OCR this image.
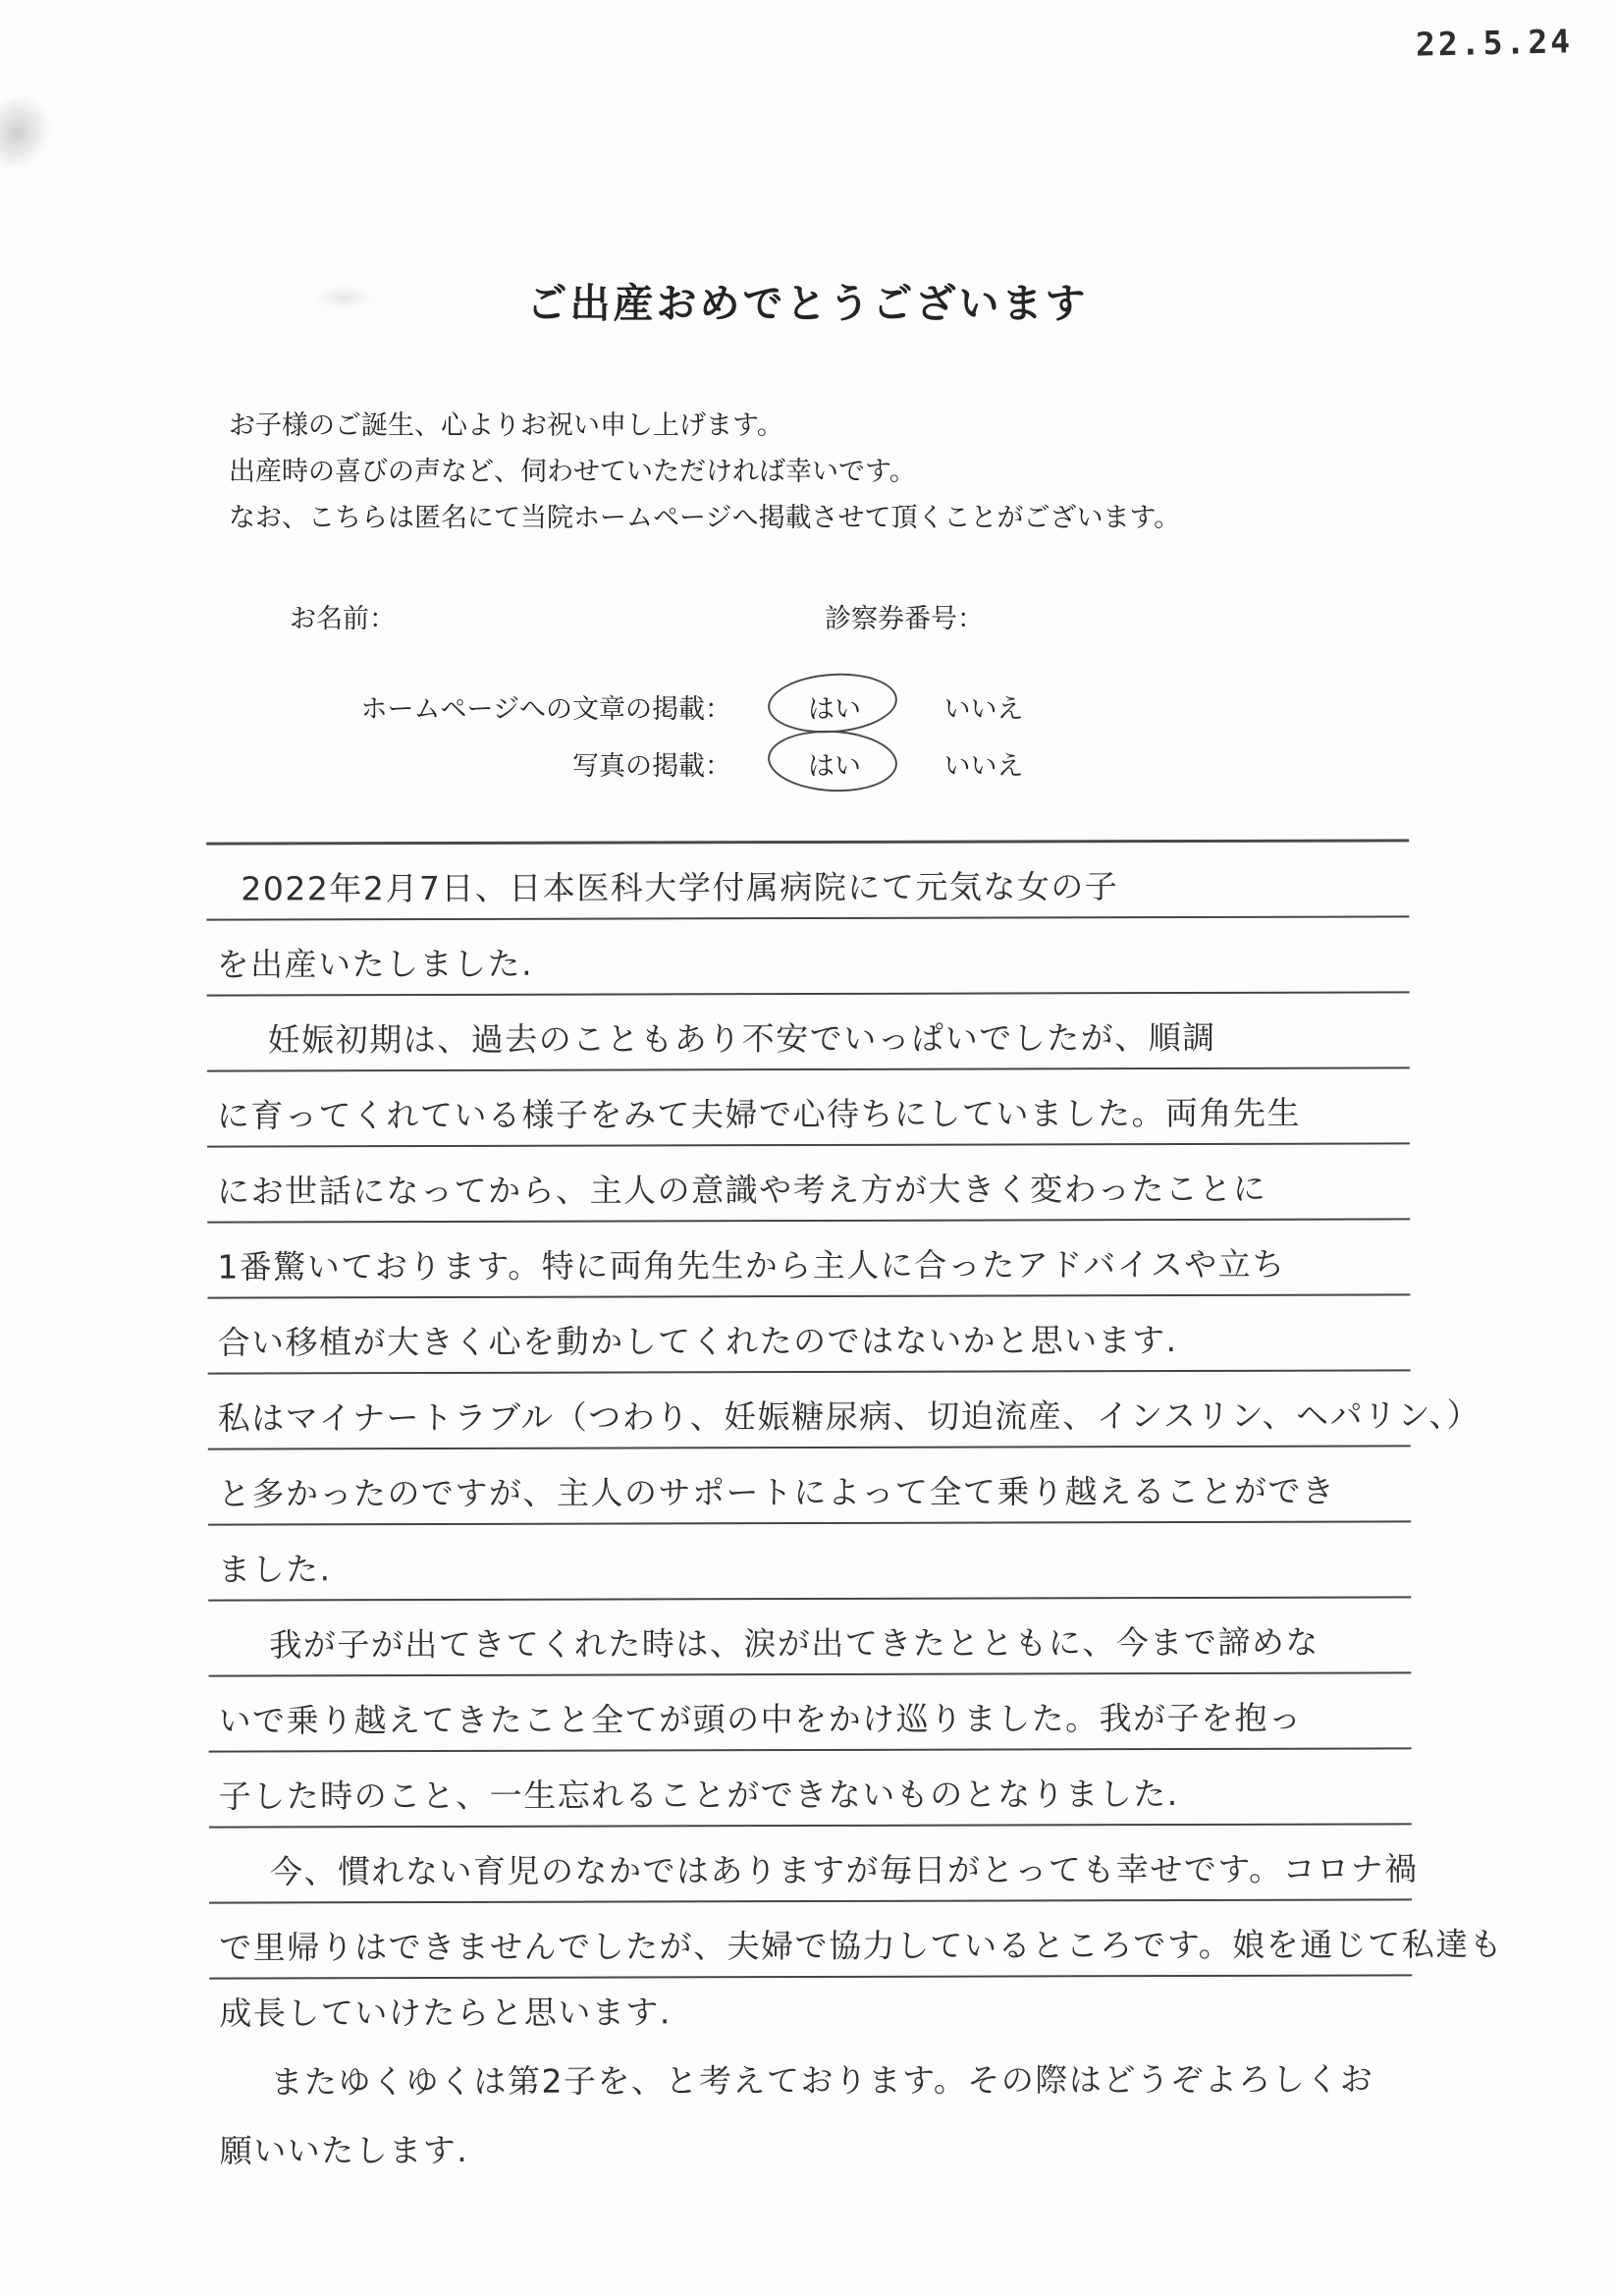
22.5.24
ご出産おめでとうございます
お子様のご誕生、心よりお祝い申し上げます。
出産時の喜びの声など、伺わせていただければ幸いです。
なお、こちらは匿名にて当院ホームページへ掲載させて頂くことがございます。
お名前：	診察券番号：
ホームページへの文章の掲載：	はい	いいえ
写真の掲載：	はい	いいえ
2022年2月7日、日本医科大学付属病院にて元気な女の子
を出産いたしました.
妊娠初期は、過去のこともあり不安でいっぱいでしたが、順調
に育ってくれている様子をみて夫婦で心待ちにしていました。両角先生
にお世話になってから、主人の意識や考え方が大きく変わったことに
1番驚いております。特に両角先生から主人に合ったアドバイスや立ち
合い移植が大きく心を動かしてくれたのではないかと思います.
私はマイナートラブル（つわり、妊娠糖尿病、切迫流産、インスリン、ヘパリン、）
と多かったのですが、主人のサポートによって全て乗り越えることができ
ました.
我が子が出てきてくれた時は、涙が出てきたとともに、今まで諦めな
いで乗り越えてきたこと全てが頭の中をかけ巡りました。我が子を抱っ
子した時のこと、一生忘れることができないものとなりました.
今、慣れない育児のなかではありますが毎日がとっても幸せです。コロナ禍
で里帰りはできませんでしたが、夫婦で協力しているところです。娘を通じて私達も
成長していけたらと思います.
またゆくゆくは第2子を、と考えております。その際はどうぞよろしくお
願いいたします.
